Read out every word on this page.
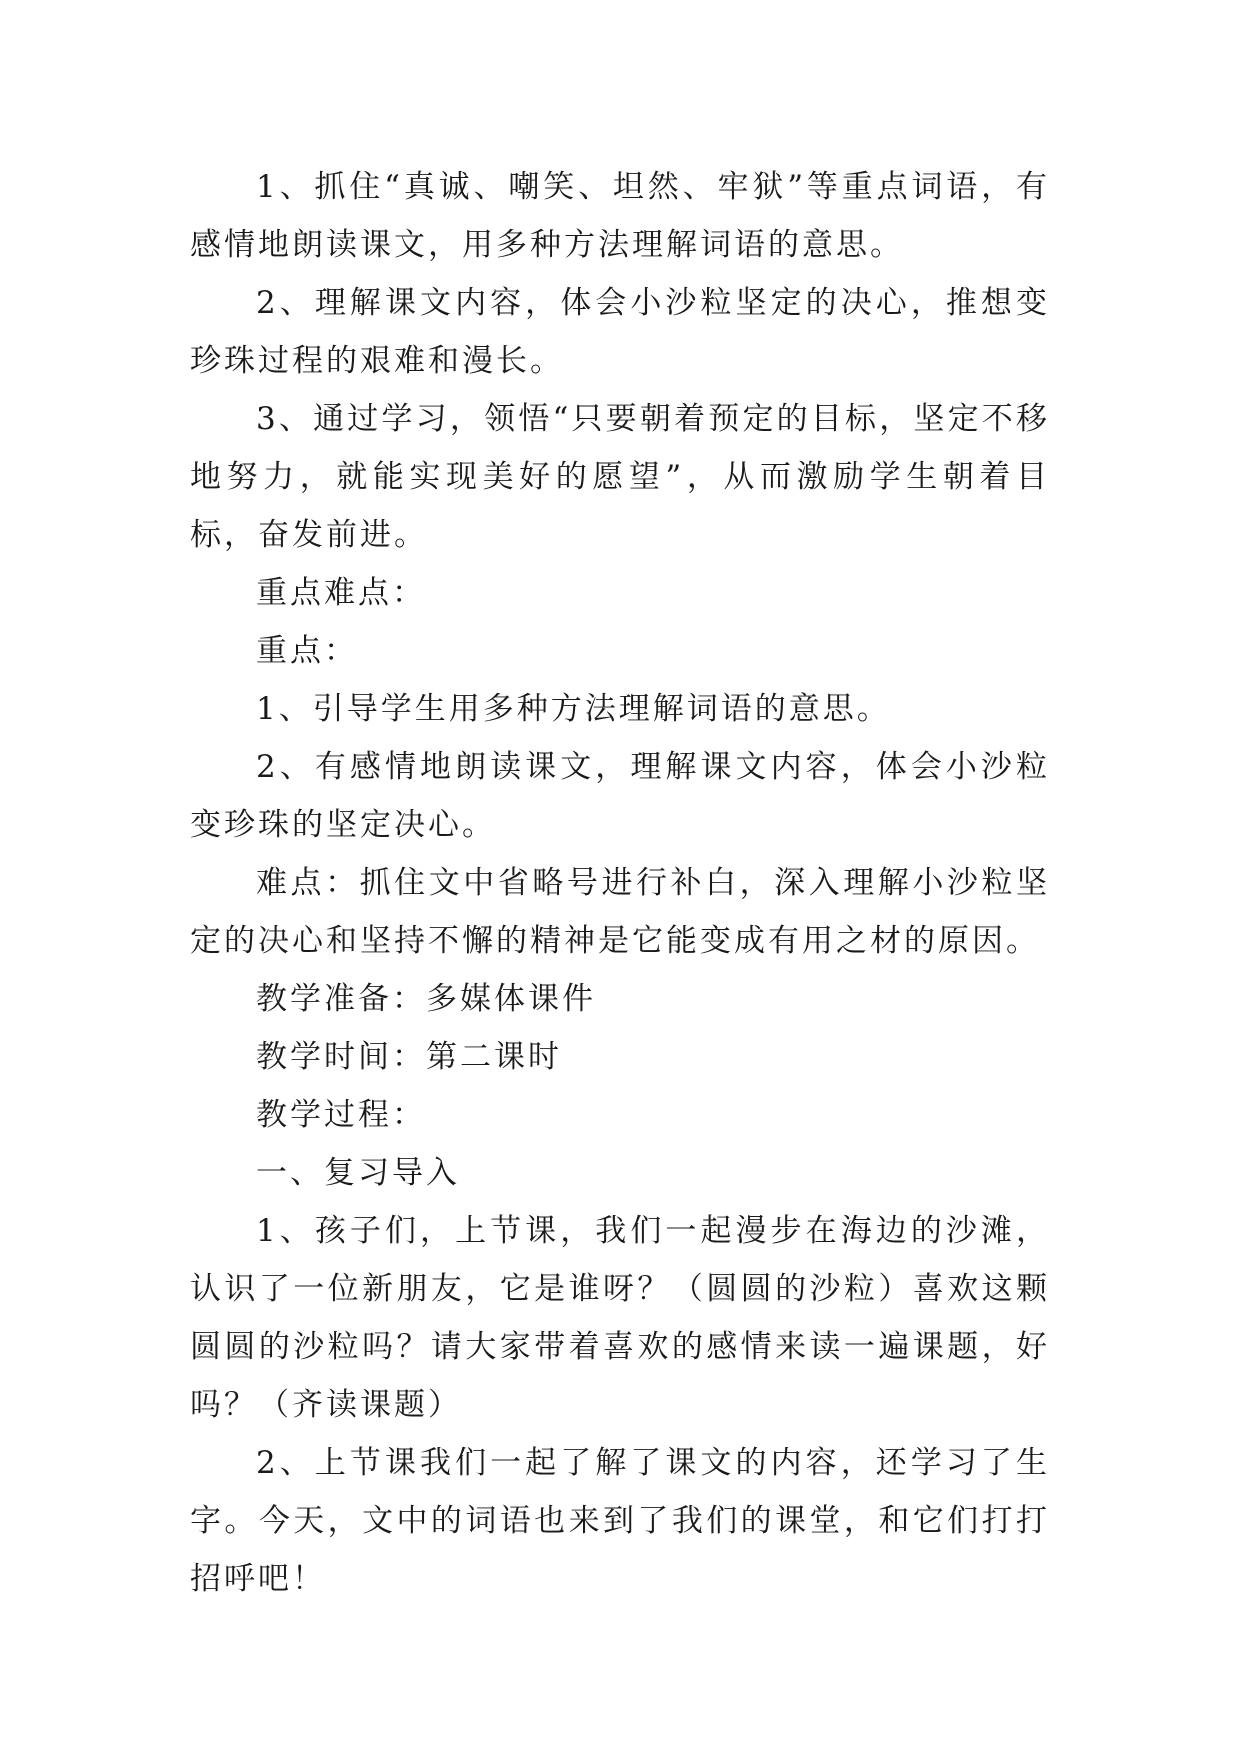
1、抓住“真诚、嘲笑、坦然、牢狱”等重点词语，有感情地朗读课文，用多种方法理解词语的意思。

2、理解课文内容，体会小沙粒坚定的决心，推想变珍珠过程的艰难和漫长。

3、通过学习，领悟“只要朝着预定的目标，坚定不移地努力，就能实现美好的愿望”，从而激励学生朝着目标，奋发前进。

重点难点：

重点：

1、引导学生用多种方法理解词语的意思。

2、有感情地朗读课文，理解课文内容，体会小沙粒变珍珠的坚定决心。

难点：抓住文中省略号进行补白，深入理解小沙粒坚定的决心和坚持不懈的精神是它能变成有用之材的原因。

教学准备：多媒体课件

教学时间：第二课时

教学过程：

一、复习导入

1、孩子们，上节课，我们一起漫步在海边的沙滩，认识了一位新朋友，它是谁呀？（圆圆的沙粒）喜欢这颗圆圆的沙粒吗？请大家带着喜欢的感情来读一遍课题，好吗？（齐读课题）

2、上节课我们一起了解了课文的内容，还学习了生字。今天，文中的词语也来到了我们的课堂，和它们打打招呼吧！
